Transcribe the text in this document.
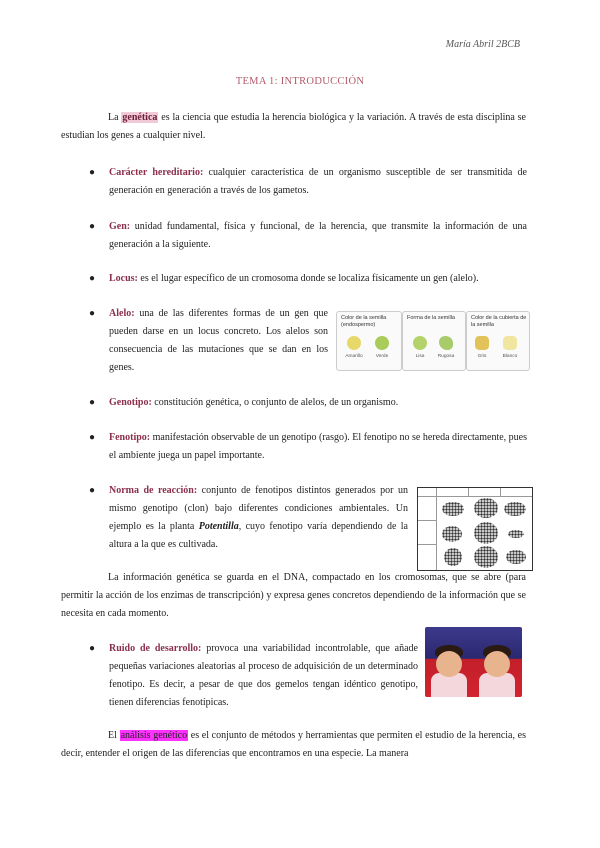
María Abril 2BCB
TEMA 1: INTRODUCCIÓN
La genética es la ciencia que estudia la herencia biológica y la variación. A través de esta disciplina se estudian los genes a cualquier nivel.
● Carácter hereditario: cualquier característica de un organismo susceptible de ser transmitida de generación en generación a través de los gametos.
● Gen: unidad fundamental, física y funcional, de la herencia, que transmite la información de una generación a la siguiente.
● Locus: es el lugar específico de un cromosoma donde se localiza físicamente un gen (alelo).
● Alelo: una de las diferentes formas de un gen que pueden darse en un locus concreto. Los alelos son consecuencia de las mutaciones que se dan en los genes.
Color de la semilla (endospermo)
Amarillo	Verde
Forma de la semilla
Lisa	Rugosa
Color de la cubierta de la semilla
Gris	Blanco
● Genotipo: constitución genética, o conjunto de alelos, de un organismo.
● Fenotipo: manifestación observable de un genotipo (rasgo). El fenotipo no se hereda directamente, pues el ambiente juega un papel importante.
● Norma de reacción: conjunto de fenotipos distintos generados por un mismo genotipo (clon) bajo diferentes condiciones ambientales. Un ejemplo es la planta Potentilla, cuyo fenotipo varía dependiendo de la altura a la que es cultivada.
La información genética se guarda en el DNA, compactado en los cromosomas, que se abre (para permitir la acción de los enzimas de transcripción) y expresa genes concretos dependiendo de la información que se necesita en cada momento.
● Ruido de desarrollo: provoca una variabilidad incontrolable, que añade pequeñas variaciones aleatorias al proceso de adquisición de un determinado fenotipo. Es decir, a pesar de que dos gemelos tengan idéntico genotipo, tienen diferencias fenotípicas.
El análisis genético es el conjunto de métodos y herramientas que permiten el estudio de la herencia, es decir, entender el origen de las diferencias que encontramos en una especie. La manera
